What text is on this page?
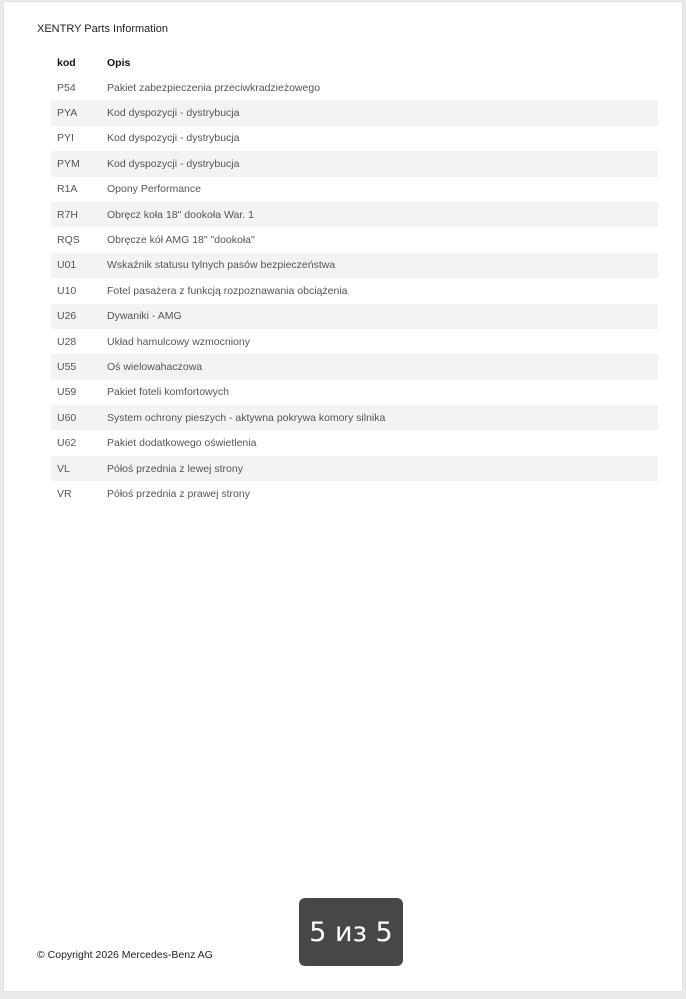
XENTRY Parts Information
kod	Opis
P54	Pakiet zabezpieczenia przeciwkradzieżowego
PYA	Kod dyspozycji - dystrybucja
PYI	Kod dyspozycji - dystrybucja
PYM	Kod dyspozycji - dystrybucja
R1A	Opony Performance
R7H	Obręcz koła 18" dookoła War. 1
RQS	Obręcze kół AMG 18" "dookoła"
U01	Wskaźnik statusu tylnych pasów bezpieczeństwa
U10	Fotel pasażera z funkcją rozpoznawania obciążenia
U26	Dywaniki - AMG
U28	Układ hamulcowy wzmocniony
U55	Oś wielowahaczowa
U59	Pakiet foteli komfortowych
U60	System ochrony pieszych - aktywna pokrywa komory silnika
U62	Pakiet dodatkowego oświetlenia
VL	Półoś przednia z lewej strony
VR	Półoś przednia z prawej strony
© Copyright 2026 Mercedes-Benz AG
5 из 5
